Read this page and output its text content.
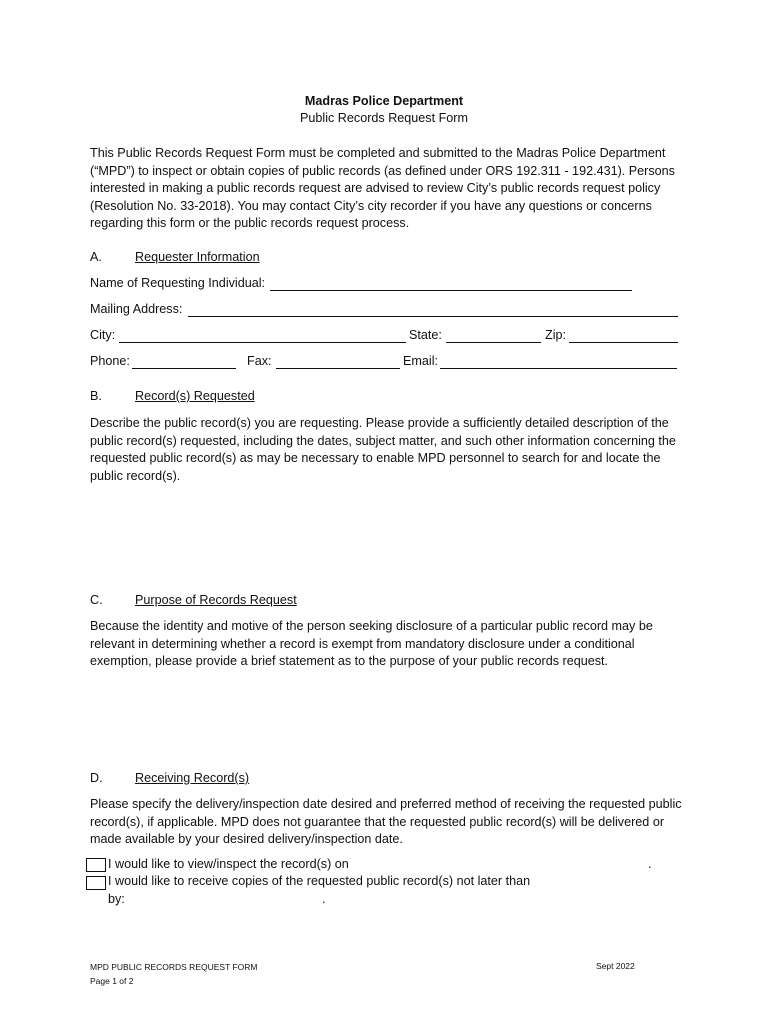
Madras Police Department
Public Records Request Form
This Public Records Request Form must be completed and submitted to the Madras Police Department (“MPD”) to inspect or obtain copies of public records (as defined under ORS 192.311 - 192.431). Persons interested in making a public records request are advised to review City’s public records request policy (Resolution No. 33-2018). You may contact City’s city recorder if you have any questions or concerns regarding this form or the public records request process.
A.	Requester Information
Name of Requesting Individual:
Mailing Address:
City:	State:	Zip:
Phone:	Fax:	Email:
B.	Record(s) Requested
Describe the public record(s) you are requesting. Please provide a sufficiently detailed description of the public record(s) requested, including the dates, subject matter, and such other information concerning the requested public record(s) as may be necessary to enable MPD personnel to search for and locate the public record(s).
C.	Purpose of Records Request
Because the identity and motive of the person seeking disclosure of a particular public record may be relevant in determining whether a record is exempt from mandatory disclosure under a conditional exemption, please provide a brief statement as to the purpose of your public records request.
D.	Receiving Record(s)
Please specify the delivery/inspection date desired and preferred method of receiving the requested public record(s), if applicable. MPD does not guarantee that the requested public record(s) will be delivered or made available by your desired delivery/inspection date.
I would like to view/inspect the record(s) on	.
I would like to receive copies of the requested public record(s) not later than
by:	.
MPD PUBLIC RECORDS REQUEST FORM
Page 1 of 2
Sept 2022
